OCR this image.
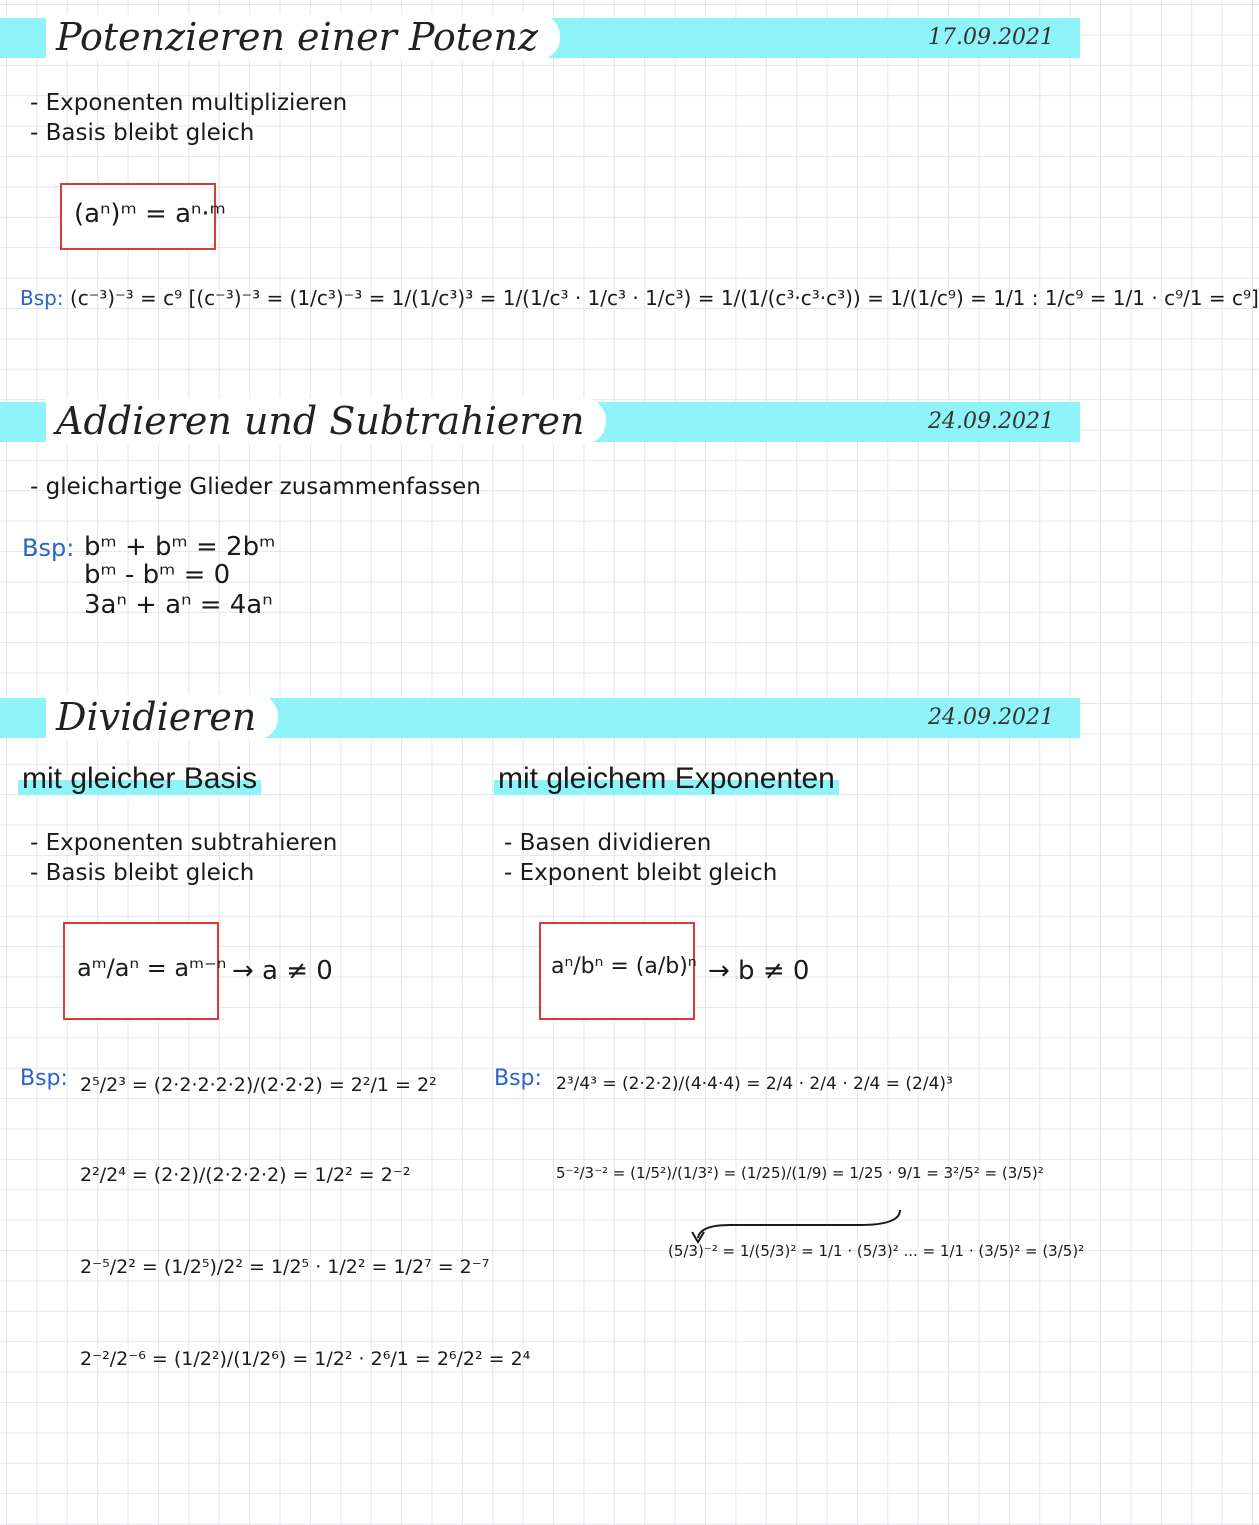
Potenzieren einer Potenz	17.09.2021
- Exponenten multiplizieren
- Basis bleibt gleich
(aⁿ)ᵐ = aⁿ·ᵐ
Bsp: (c⁻³)⁻³ = c⁹ [(c⁻³)⁻³ = (1/c³)⁻³ = 1/(1/c³)³ = 1/(1/c³ · 1/c³ · 1/c³) = 1/(1/(c³·c³·c³)) = 1/(1/c⁹) = 1/1 : 1/c⁹ = 1/1 · c⁹/1 = c⁹]
Addieren und Subtrahieren	24.09.2021
- gleichartige Glieder zusammenfassen
Bsp: bᵐ + bᵐ = 2bᵐ
bᵐ - bᵐ = 0
3aⁿ + aⁿ = 4aⁿ
Dividieren	24.09.2021
mit gleicher Basis
- Exponenten subtrahieren
- Basis bleibt gleich
aᵐ/aⁿ = aᵐ⁻ⁿ → a ≠ 0
Bsp: 2⁵/2³ = (2·2·2·2·2)/(2·2·2) = 2²/1 = 2²
2²/2⁴ = (2·2)/(2·2·2·2) = 1/2² = 2⁻²
2⁻⁵/2² = (1/2⁵)/2² = 1/2⁵ · 1/2² = 1/2⁷ = 2⁻⁷
2⁻²/2⁻⁶ = (1/2²)/(1/2⁶) = 1/2² · 2⁶/1 = 2⁶/2² = 2⁴
mit gleichem Exponenten
- Basen dividieren
- Exponent bleibt gleich
aⁿ/bⁿ = (a/b)ⁿ → b ≠ 0
Bsp: 2³/4³ = (2·2·2)/(4·4·4) = 2/4 · 2/4 · 2/4 = (2/4)³
5⁻²/3⁻² = (1/5²)/(1/3²) = (1/25)/(1/9) = 1/25 · 9/1 = 3²/5² = (3/5)²
(5/3)⁻² = 1/(5/3)² = 1/1 · (5/3)² ... = 1/1 · (3/5)² = (3/5)²
